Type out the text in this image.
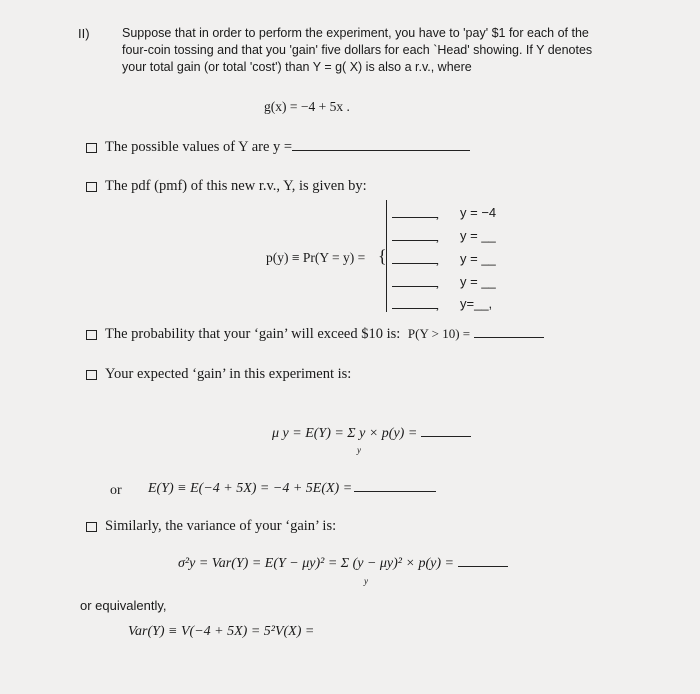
II)	Suppose that in order to perform the experiment, you have to 'pay' $1 for each of the
four-coin tossing and that you 'gain' five dollars for each `Head' showing. If Y denotes
your total gain (or total 'cost') than Y = g( X) is also a r.v., where
g(x) = −4 + 5x .
The possible values of Y are y =
The pdf (pmf) of this new r.v., Y, is given by:
p(y) ≡ Pr(Y = y) = {
, y = −4
, y = __
, y = __
, y = __
, y=__,
The probability that your ‘gain’ will exceed $10 is: P(Y > 10) =
Your expected ‘gain’ in this experiment is:
μ y = E(Y) = Σ y × p(y) =
y
or E(Y) ≡ E(−4 + 5X) = −4 + 5E(X) =
Similarly, the variance of your ‘gain’ is:
σ²y = Var(Y) = E(Y − μy)² = Σ (y − μy)² × p(y) =
y
or equivalently,
Var(Y) ≡ V(−4 + 5X) = 5²V(X) =
